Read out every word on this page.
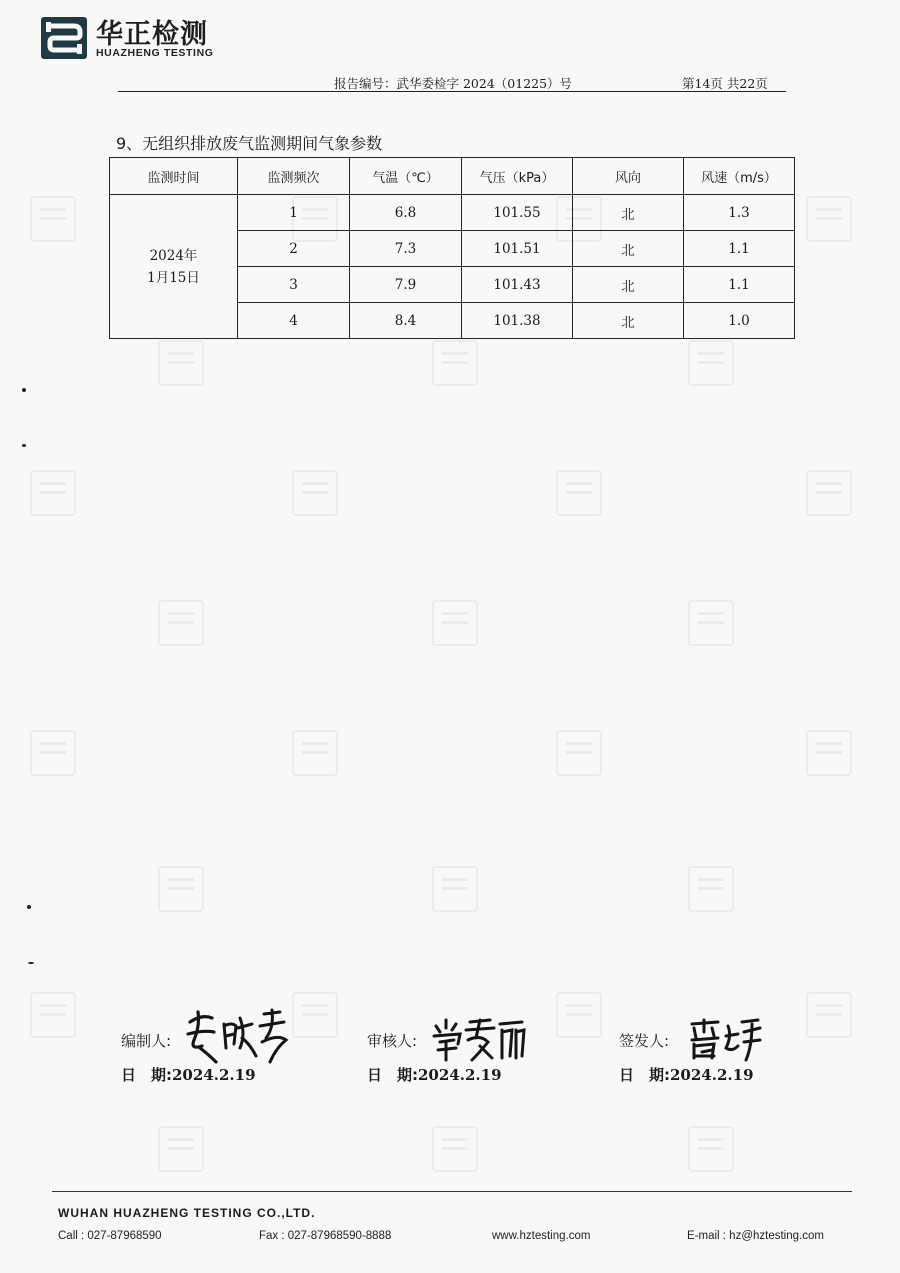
华正检测
HUAZHENG TESTING
报告编号：武华委检字 2024（01225）号	第14页 共22页
9、无组织排放废气监测期间气象参数
监测时间	监测频次	气温（℃）	气压（kPa）	风向	风速（m/s）

2024年
1月15日	1	6.8	101.55	北	1.3
	2	7.3	101.51	北	1.1
	3	7.9	101.43	北	1.1
	4	8.4	101.38	北	1.0
编制人:
日　期:2024.2.19
审核人:
日　期:2024.2.19
签发人:
日　期:2024.2.19
WUHAN HUAZHENG TESTING CO.,LTD.
Call : 027-87968590	Fax : 027-87968590-8888	www.hztesting.com	E-mail : hz@hztesting.com
